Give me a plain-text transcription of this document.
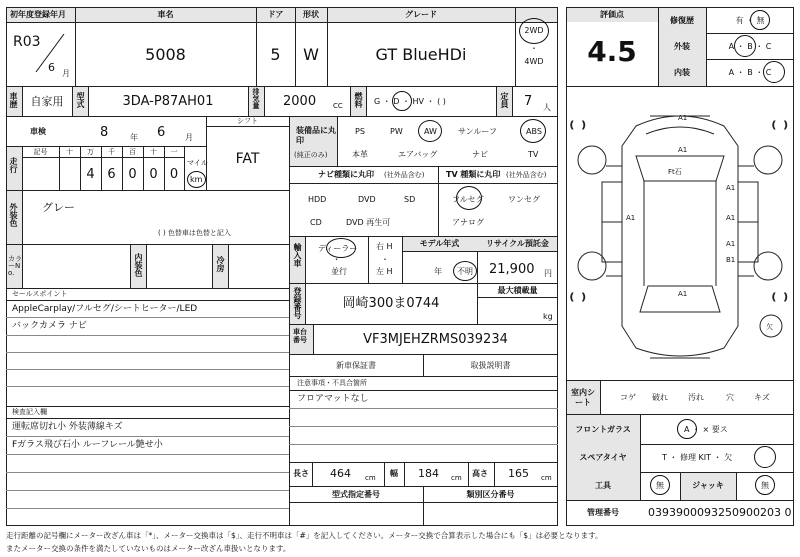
初年度登録年月	車名	ドア	形状	グレード
R03
6 月
5008	5	W	GT BlueHDi
2WD
・
4WD
車歴	自家用	型式	3DA-P87AH01	排気量 2000 CC 燃料 G ・ D ・ HV ・ ( )	定員 7 人
車検	8	年 6 月
シフト
FAT
走行
記号	十	万	千	百	十	一
4 6 0 0 0
マイル
km
外装色 グレー
( ) 色替車は色替と記入
カラーNo.	内装色	冷房
セールスポイント
AppleCarplay/フルセグ/シートヒーター/LED
バックカメラ ナビ
検査記入欄
運転席切れ小 外装薄線キズ
Fガラス飛び石小 ルーフレール艶せ小
装備品に丸印
(純正のみ)
PS	PW	AW	サンルーフ	ABS
本革	エアバッグ	ナビ	TV
ナビ種類に丸印 (社外品含む)	TV 種類に丸印 (社外品含む)
HDD	DVD	SD
CD	DVD 再生可
フルセグ	ワンセグ
アナログ
輸入車 ディーラー
・
並行
右 H
・
左 H
モデル年式
年 不明
リサイクル預託金
21,900 円
登録番号	岡崎300ま0744
最大積載量
kg
車台番号	VF3MJEHZRMS039234
新車保証書	取扱説明書
注意事項・不具合箇所
フロアマットなし
長さ 464 cm 幅 184 cm 高さ 165 cm
型式指定番号	類別区分番号
評価点
4.5
修復歴	有 ・ 無
外装	A ・ B ・ C
内装	A ・ B ・ C
( )	( )
( )	( )
A1
A1
A1
A1	A1
A1
B1
A1
Ft石
欠
室内シート
コゲ 破れ	汚れ	穴	キズ
フロントガラス	A ・ × 要ス
スペアタイヤ	T ・ 修理 KIT ・ 欠
工具	無	ジャッキ	無
管理番号	0393900093250900203 0
走行距離の記号欄にメーター改ざん車は「*」、メーター交換車は「$」、走行不明車は「#」を記入してください。メーター交換で合算表示した場合にも「$」は必要となります。
またメーター交換の条件を満たしていないものはメーター改ざん車扱いとなります。
